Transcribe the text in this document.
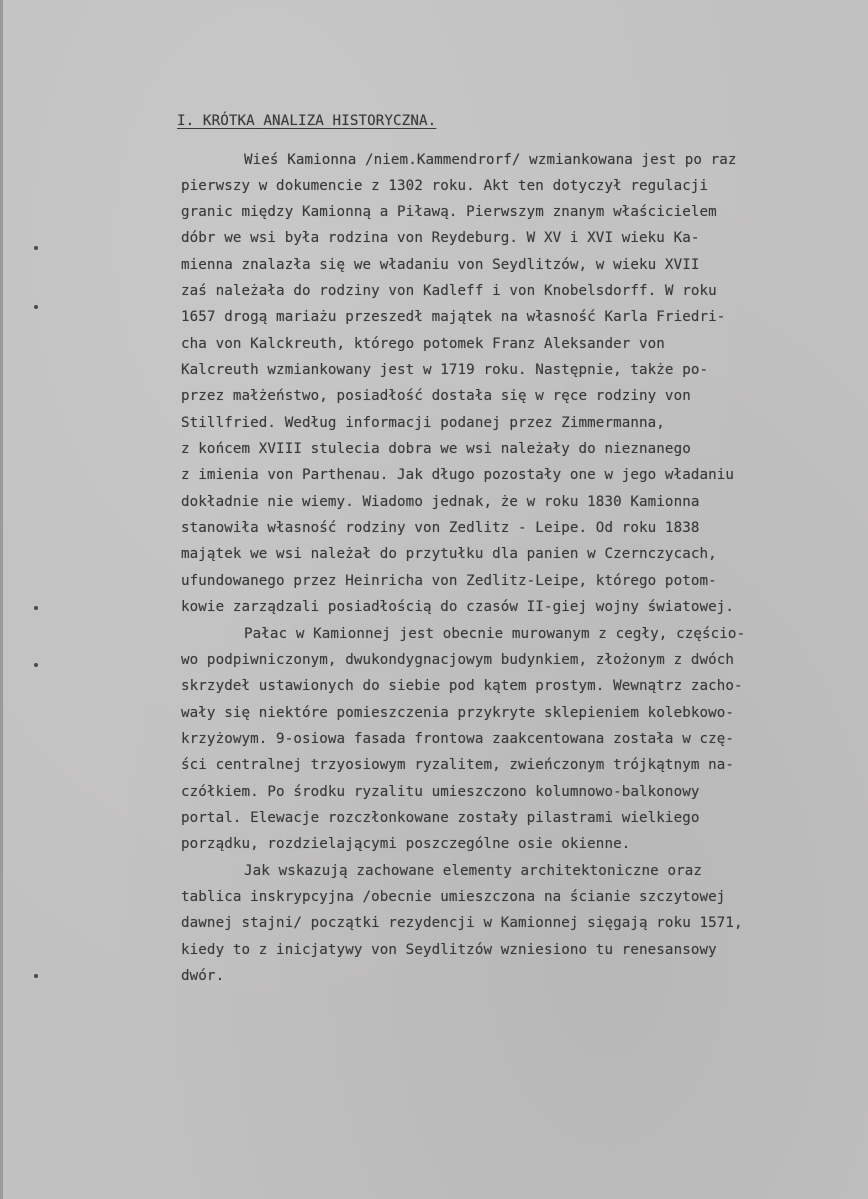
I. KRÓTKA ANALIZA HISTORYCZNA.
Wieś Kamionna /niem.Kammendrorf/ wzmiankowana jest po raz
pierwszy w dokumencie z 1302 roku. Akt ten dotyczył regulacji
granic między Kamionną a Piławą. Pierwszym znanym właścicielem
dóbr we wsi była rodzina von Reydeburg. W XV i XVI wieku Ka-
mienna znalazła się we władaniu von Seydlitzów, w wieku XVII
zaś należała do rodziny von Kadleff i von Knobelsdorff. W roku
1657 drogą mariażu przeszedł majątek na własność Karla Friedri-
cha von Kalckreuth, którego potomek Franz Aleksander von
Kalcreuth wzmiankowany jest w 1719 roku. Następnie, także po-
przez małżeństwo, posiadłość dostała się w ręce rodziny von
Stillfried. Według informacji podanej przez Zimmermanna,
z końcem XVIII stulecia dobra we wsi należały do nieznanego
z imienia von Parthenau. Jak długo pozostały one w jego władaniu
dokładnie nie wiemy. Wiadomo jednak, że w roku 1830 Kamionna
stanowiła własność rodziny von Zedlitz - Leipe. Od roku 1838
majątek we wsi należał do przytułku dla panien w Czernczycach,
ufundowanego przez Heinricha von Zedlitz-Leipe, którego potom-
kowie zarządzali posiadłością do czasów II-giej wojny światowej.
Pałac w Kamionnej jest obecnie murowanym z cegły, częścio-
wo podpiwniczonym, dwukondygnacjowym budynkiem, złożonym z dwóch
skrzydeł ustawionych do siebie pod kątem prostym. Wewnątrz zacho-
wały się niektóre pomieszczenia przykryte sklepieniem kolebkowo-
krzyżowym. 9-osiowa fasada frontowa zaakcentowana została w czę-
ści centralnej trzyosiowym ryzalitem, zwieńczonym trójkątnym na-
czółkiem. Po środku ryzalitu umieszczono kolumnowo-balkonowy
portal. Elewacje rozczłonkowane zostały pilastrami wielkiego
porządku, rozdzielającymi poszczególne osie okienne.
Jak wskazują zachowane elementy architektoniczne oraz
tablica inskrypcyjna /obecnie umieszczona na ścianie szczytowej
dawnej stajni/ początki rezydencji w Kamionnej sięgają roku 1571,
kiedy to z inicjatywy von Seydlitzów wzniesiono tu renesansowy
dwór.
